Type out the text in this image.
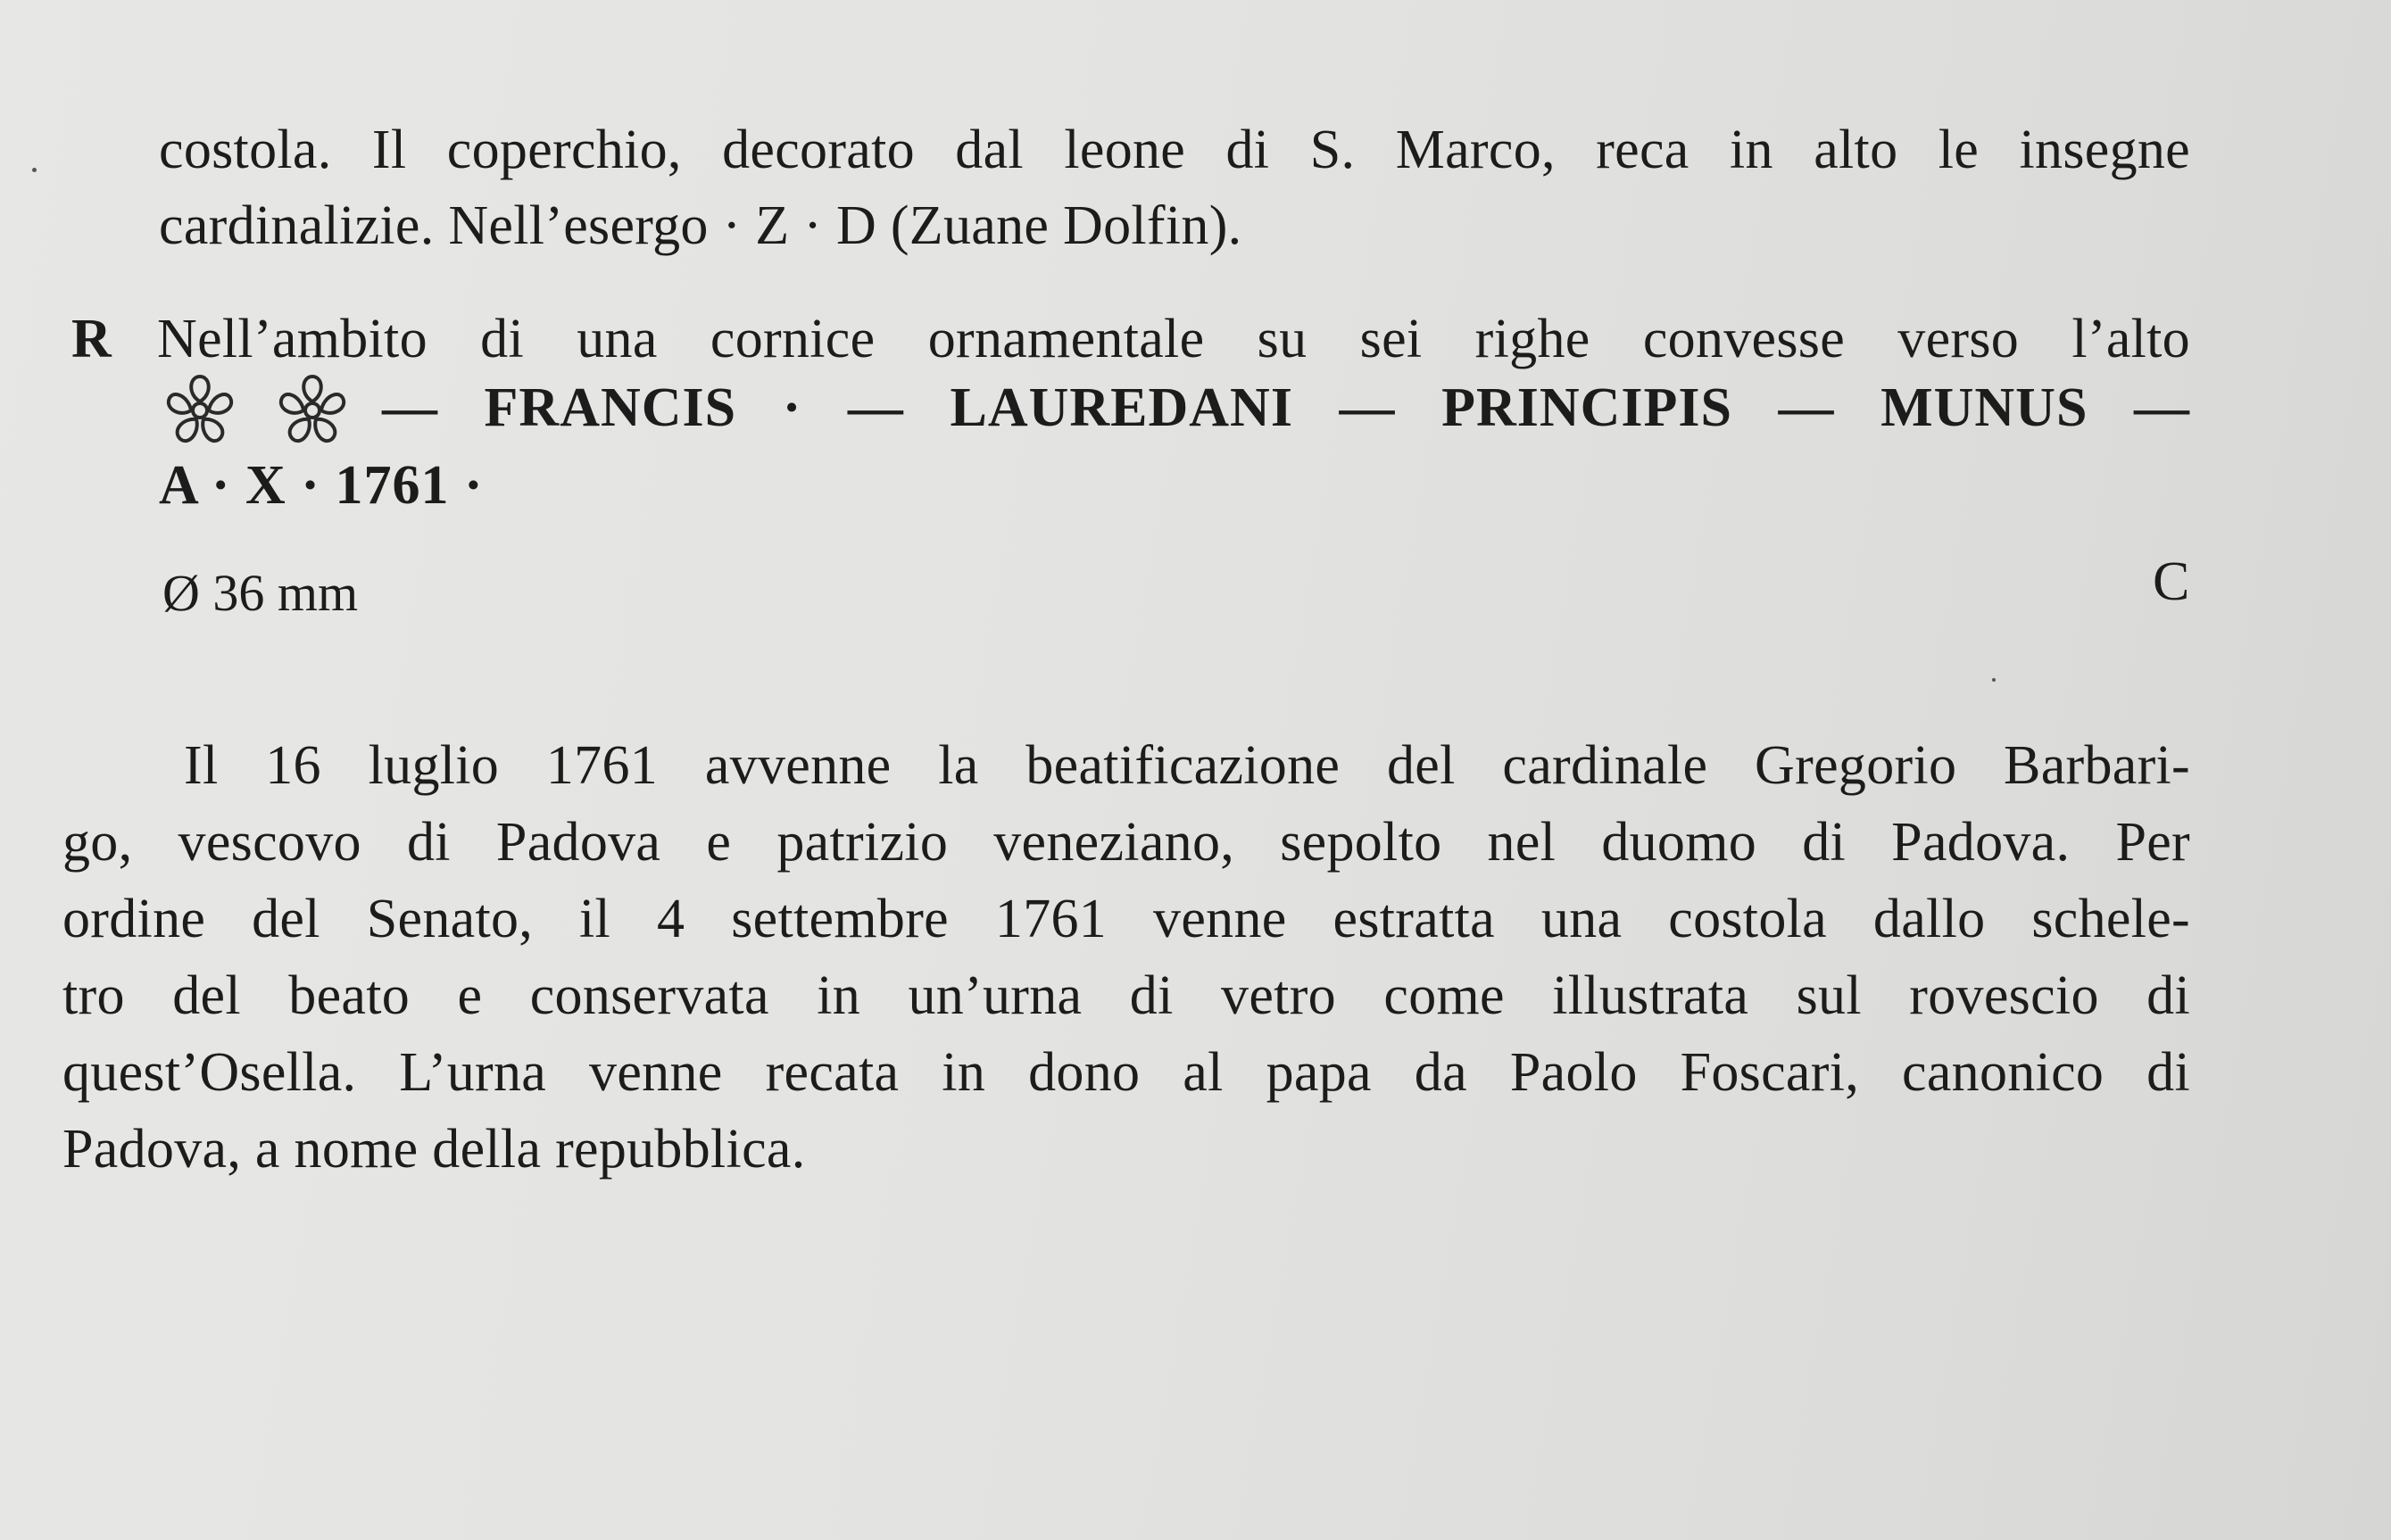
costola. Il coperchio, decorato dal leone di S. Marco, reca in alto le insegne
cardinalizie. Nell’esergo · Z · D (Zuane Dolfin).
R Nell’ambito di una cornice ornamentale su sei righe convesse verso l’alto
— FRANCIS · — LAUREDANI — PRINCIPIS — MUNUS —
A · X · 1761 ·
Ø 36 mm	C
Il 16 luglio 1761 avvenne la beatificazione del cardinale Gregorio Barbari-
go, vescovo di Padova e patrizio veneziano, sepolto nel duomo di Padova. Per
ordine del Senato, il 4 settembre 1761 venne estratta una costola dallo schele-
tro del beato e conservata in un’urna di vetro come illustrata sul rovescio di
quest’Osella. L’urna venne recata in dono al papa da Paolo Foscari, canonico di
Padova, a nome della repubblica.
